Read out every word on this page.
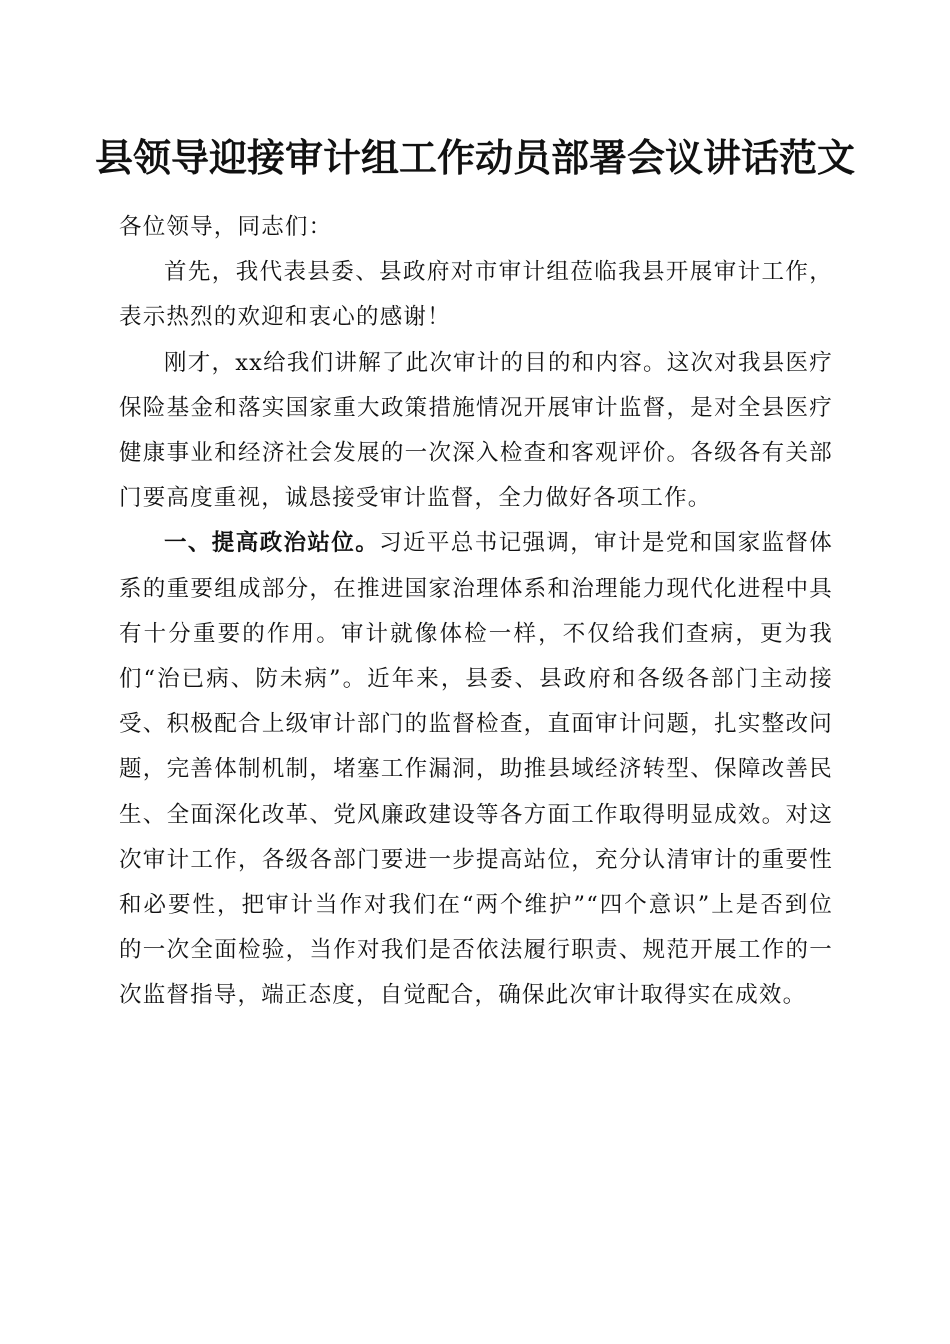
县领导迎接审计组工作动员部署会议讲话范文

各位领导，同志们：

首先，我代表县委、县政府对市审计组莅临我县开展审计工作，表示热烈的欢迎和衷心的感谢！

刚才，xx给我们讲解了此次审计的目的和内容。这次对我县医疗保险基金和落实国家重大政策措施情况开展审计监督，是对全县医疗健康事业和经济社会发展的一次深入检查和客观评价。各级各有关部门要高度重视，诚恳接受审计监督，全力做好各项工作。

一、提高政治站位。习近平总书记强调，审计是党和国家监督体系的重要组成部分，在推进国家治理体系和治理能力现代化进程中具有十分重要的作用。审计就像体检一样，不仅给我们查病，更为我们“治已病、防未病”。近年来，县委、县政府和各级各部门主动接受、积极配合上级审计部门的监督检查，直面审计问题，扎实整改问题，完善体制机制，堵塞工作漏洞，助推县域经济转型、保障改善民生、全面深化改革、党风廉政建设等各方面工作取得明显成效。对这次审计工作，各级各部门要进一步提高站位，充分认清审计的重要性和必要性，把审计当作对我们在“两个维护”“四个意识”上是否到位的一次全面检验，当作对我们是否依法履行职责、规范开展工作的一次监督指导，端正态度，自觉配合，确保此次审计取得实在成效。
